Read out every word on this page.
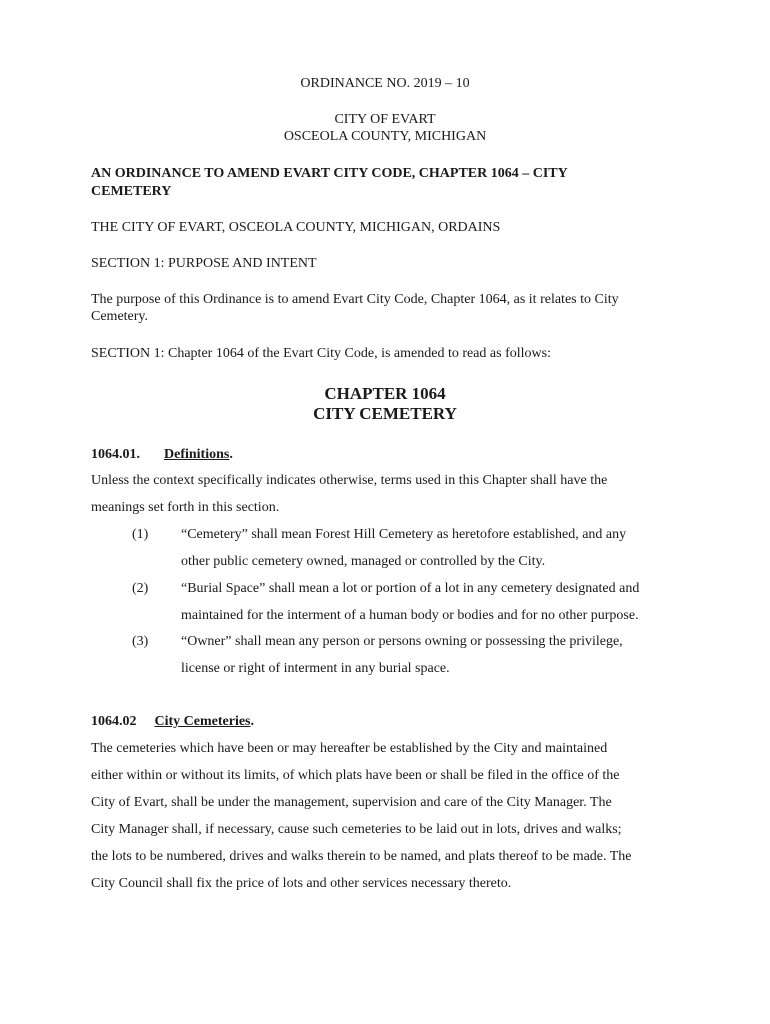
ORDINANCE NO. 2019 – 10

CITY OF EVART

OSCEOLA COUNTY, MICHIGAN

AN ORDINANCE TO AMEND EVART CITY CODE, CHAPTER 1064 – CITY

CEMETERY

THE CITY OF EVART, OSCEOLA COUNTY, MICHIGAN, ORDAINS

SECTION 1: PURPOSE AND INTENT

The purpose of this Ordinance is to amend Evart City Code, Chapter 1064, as it relates to City

Cemetery.

SECTION 1: Chapter 1064 of the Evart City Code, is amended to read as follows:

CHAPTER 1064

CITY CEMETERY

1064.01. Definitions.

Unless the context specifically indicates otherwise, terms used in this Chapter shall have the

meanings set forth in this section.

(1) “Cemetery” shall mean Forest Hill Cemetery as heretofore established, and any

other public cemetery owned, managed or controlled by the City.

(2) “Burial Space” shall mean a lot or portion of a lot in any cemetery designated and

maintained for the interment of a human body or bodies and for no other purpose.

(3) “Owner” shall mean any person or persons owning or possessing the privilege,

license or right of interment in any burial space.

1064.02 City Cemeteries.

The cemeteries which have been or may hereafter be established by the City and maintained

either within or without its limits, of which plats have been or shall be filed in the office of the

City of Evart, shall be under the management, supervision and care of the City Manager. The

City Manager shall, if necessary, cause such cemeteries to be laid out in lots, drives and walks;

the lots to be numbered, drives and walks therein to be named, and plats thereof to be made. The

City Council shall fix the price of lots and other services necessary thereto.
